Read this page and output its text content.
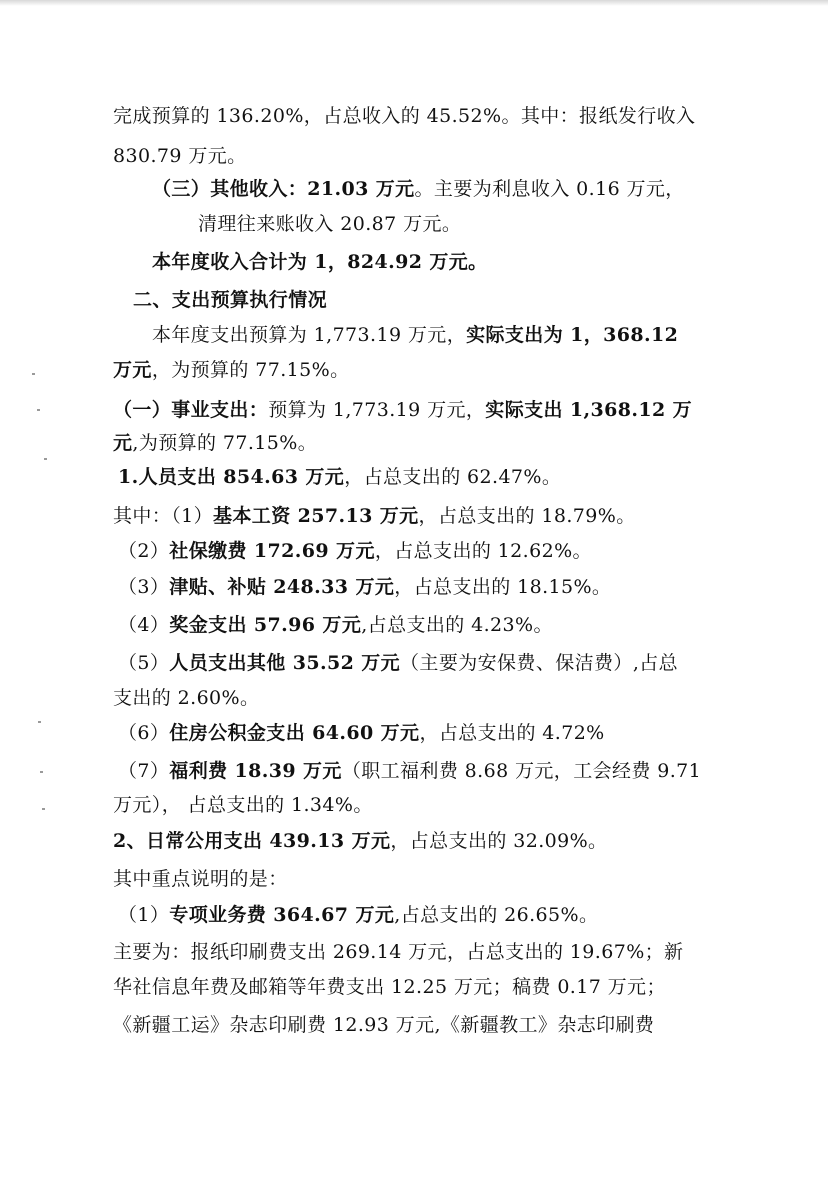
完成预算的 136.20%，占总收入的 45.52%。其中：报纸发行收入
830.79 万元。
（三）其他收入：21.03 万元。主要为利息收入 0.16 万元，
清理往来账收入 20.87 万元。
本年度收入合计为 1，824.92 万元。
二、支出预算执行情况
本年度支出预算为 1,773.19 万元，实际支出为 1，368.12
万元，为预算的 77.15%。
（一）事业支出：预算为 1,773.19 万元，实际支出 1,368.12 万
元,为预算的 77.15%。
1.人员支出 854.63 万元，占总支出的 62.47%。
其中：（1）基本工资 257.13 万元，占总支出的 18.79%。
（2）社保缴费 172.69 万元，占总支出的 12.62%。
（3）津贴、补贴 248.33 万元，占总支出的 18.15%。
（4）奖金支出 57.96 万元,占总支出的 4.23%。
（5）人员支出其他 35.52 万元（主要为安保费、保洁费）,占总
支出的 2.60%。
（6）住房公积金支出 64.60 万元，占总支出的 4.72%
（7）福利费 18.39 万元（职工福利费 8.68 万元，工会经费 9.71
万元）， 占总支出的 1.34%。
2、日常公用支出 439.13 万元，占总支出的 32.09%。
其中重点说明的是：
（1）专项业务费 364.67 万元,占总支出的 26.65%。
主要为：报纸印刷费支出 269.14 万元，占总支出的 19.67%；新
华社信息年费及邮箱等年费支出 12.25 万元；稿费 0.17 万元；
《新疆工运》杂志印刷费 12.93 万元,《新疆教工》杂志印刷费
